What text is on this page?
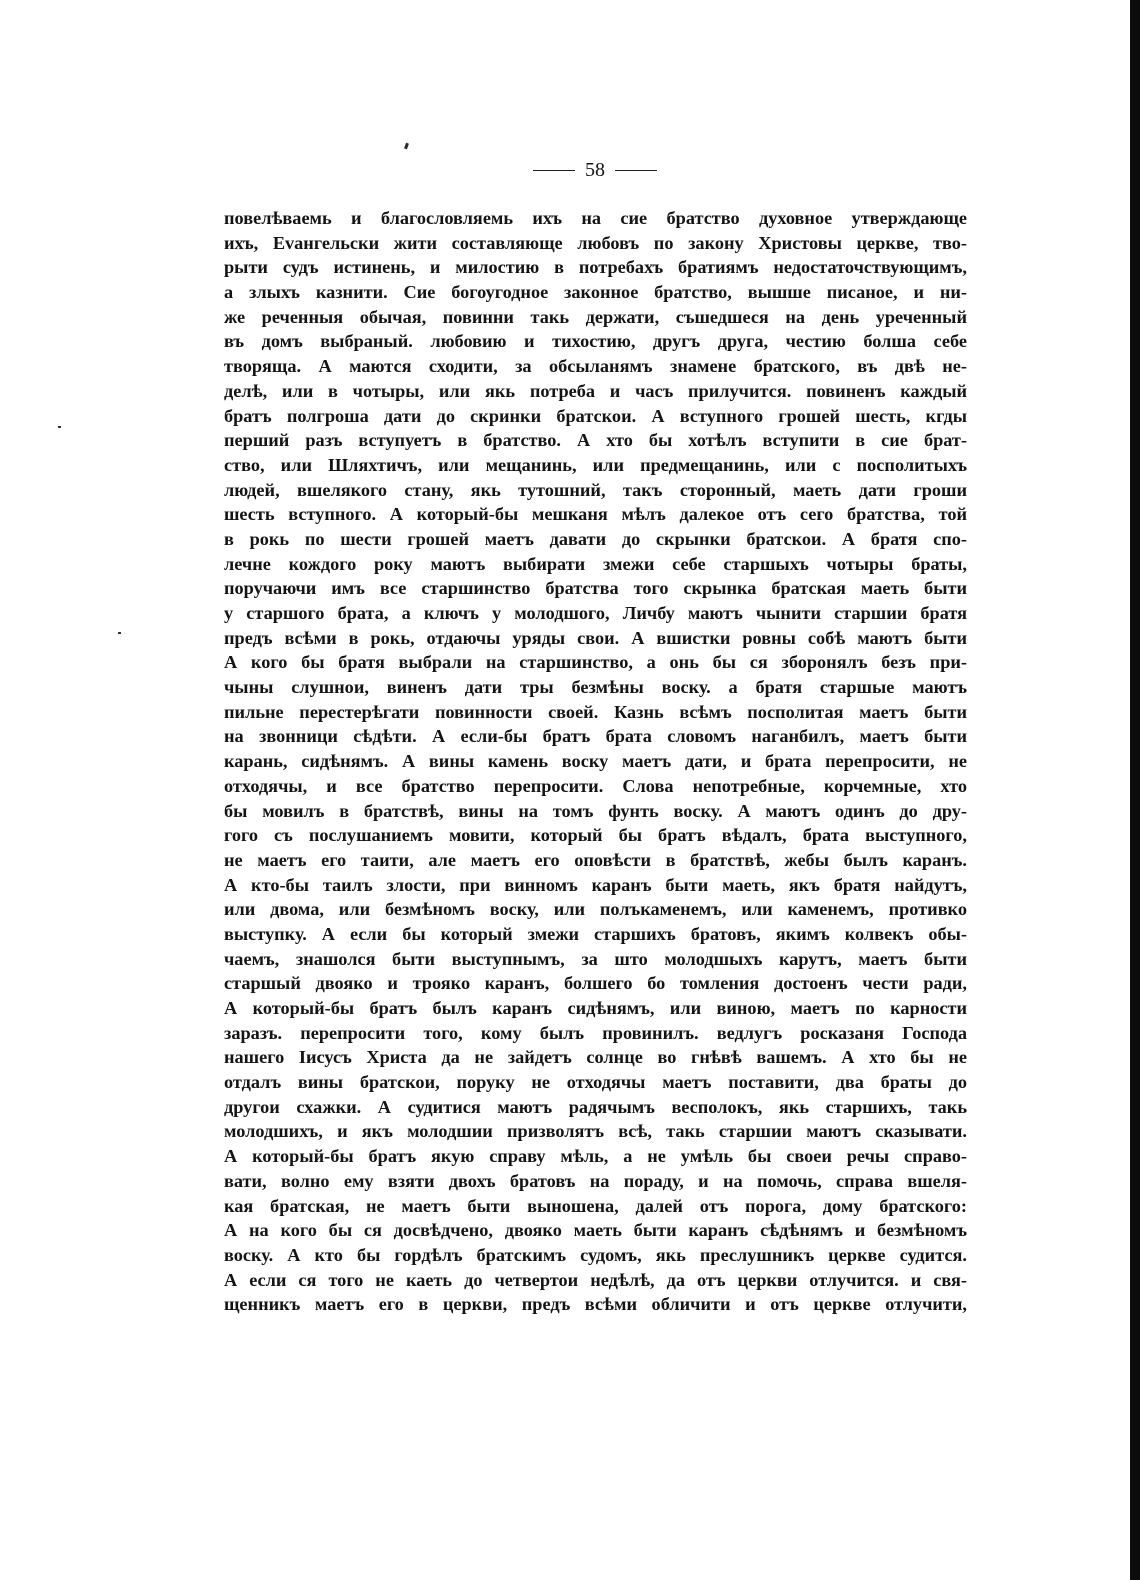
58
повелѣваемь и благословляемь ихъ на сие братство духовное утверждающе
ихъ, Еvангельски жити составляюще любовъ по закону Христовы церкве, тво-
рыти судъ истинень, и милостию в потребахъ братиямъ недостаточствующимъ,
а злыхъ казнити. Сие богоугодное законное братство, вышше писаное, и ни-
же реченныя обычая, повинни такь держати, съшедшеся на день уреченный
въ домъ выбраный. любовию и тихостию, другъ друга, честию болша себе
творяща. А маются сходити, за обсыланямъ знамене братского, въ двѣ не-
делѣ, или в чотыры, или якь потреба и часъ прилучится. повиненъ каждый
братъ полгроша дати до скринки братскои. А вступного грошей шесть, кгды
перший разъ вступуетъ в братство. А хто бы хотѣлъ вступити в сие брат-
ство, или Шляхтичъ, или мещанинь, или предмещанинь, или с посполитыхъ
людей, вшелякого стану, якь тутошний, такъ сторонный, маеть дати гроши
шесть вступного. А который-бы мешканя мѣлъ далекое отъ сего братства, той
в рокь по шести грошей маетъ давати до скрынки братскои. А братя спо-
лечне кождого року маютъ выбирати змежи себе старшыхъ чотыры браты,
поручаючи имъ все старшинство братства того скрынка братская маеть быти
у старшого брата, а ключъ у молодшого, Личбу маютъ чынити старшии братя
предъ всѣми в рокь, отдаючы уряды свои. А вшистки ровны собѣ маютъ быти
А кого бы братя выбрали на старшинство, а онь бы ся зборонялъ безъ при-
чыны слушнои, виненъ дати тры безмѣны воску. а братя старшые маютъ
пильне перестерѣгати повинности своей. Казнь всѣмъ посполитая маетъ быти
на звонници сѣдѣти. А если-бы братъ брата словомъ наганбилъ, маетъ быти
карань, сидѣнямъ. А вины камень воску маетъ дати, и брата перепросити, не
отходячы, и все братство перепросити. Слова непотребные, корчемные, хто
бы мовилъ в братствѣ, вины на томъ фунть воску. А маютъ одинъ до дру-
гого съ послушаниемъ мовити, который бы братъ вѣдалъ, брата выступного,
не маетъ его таити, але маетъ его оповѣсти в братствѣ, жебы былъ каранъ.
А кто-бы таилъ злости, при винномъ каранъ быти маеть, якъ братя найдутъ,
или двома, или безмѣномъ воску, или полъкаменемъ, или каменемъ, противко
выступку. А если бы который змежи старшихъ братовъ, якимъ колвекъ обы-
чаемъ, знашолся быти выступнымъ, за што молодшыхъ карутъ, маетъ быти
старшый двояко и трояко каранъ, болшего бо томления достоенъ чести ради,
А который-бы братъ былъ каранъ сидѣнямъ, или виною, маетъ по карности
заразъ. перепросити того, кому былъ провинилъ. ведлугъ росказаня Господа
нашего Iисусъ Христа да не зайдетъ солнце во гнѣвѣ вашемъ. А хто бы не
отдалъ вины братскои, поруку не отходячы маетъ поставити, два браты до
другои схажки. А судитися маютъ радячымъ весполокъ, якь старшихъ, такь
молодшихъ, и якъ молодшии призволятъ всѣ, такь старшии маютъ сказывати.
А который-бы братъ якую справу мѣль, а не умѣль бы своеи речы справо-
вати, волно ему взяти двохъ братовъ на пораду, и на помочь, справа вшеля-
кая братская, не маетъ быти выношена, далей отъ порога, дому братского:
А на кого бы ся досвѣдчено, двояко маеть быти каранъ сѣдѣнямъ и безмѣномъ
воску. А кто бы гордѣлъ братскимъ судомъ, якь преслушникъ церкве судится.
А если ся того не каеть до четвертои недѣлѣ, да отъ церкви отлучится. и свя-
щенникъ маетъ его в церкви, предъ всѣми обличити и отъ церкве отлучити,
